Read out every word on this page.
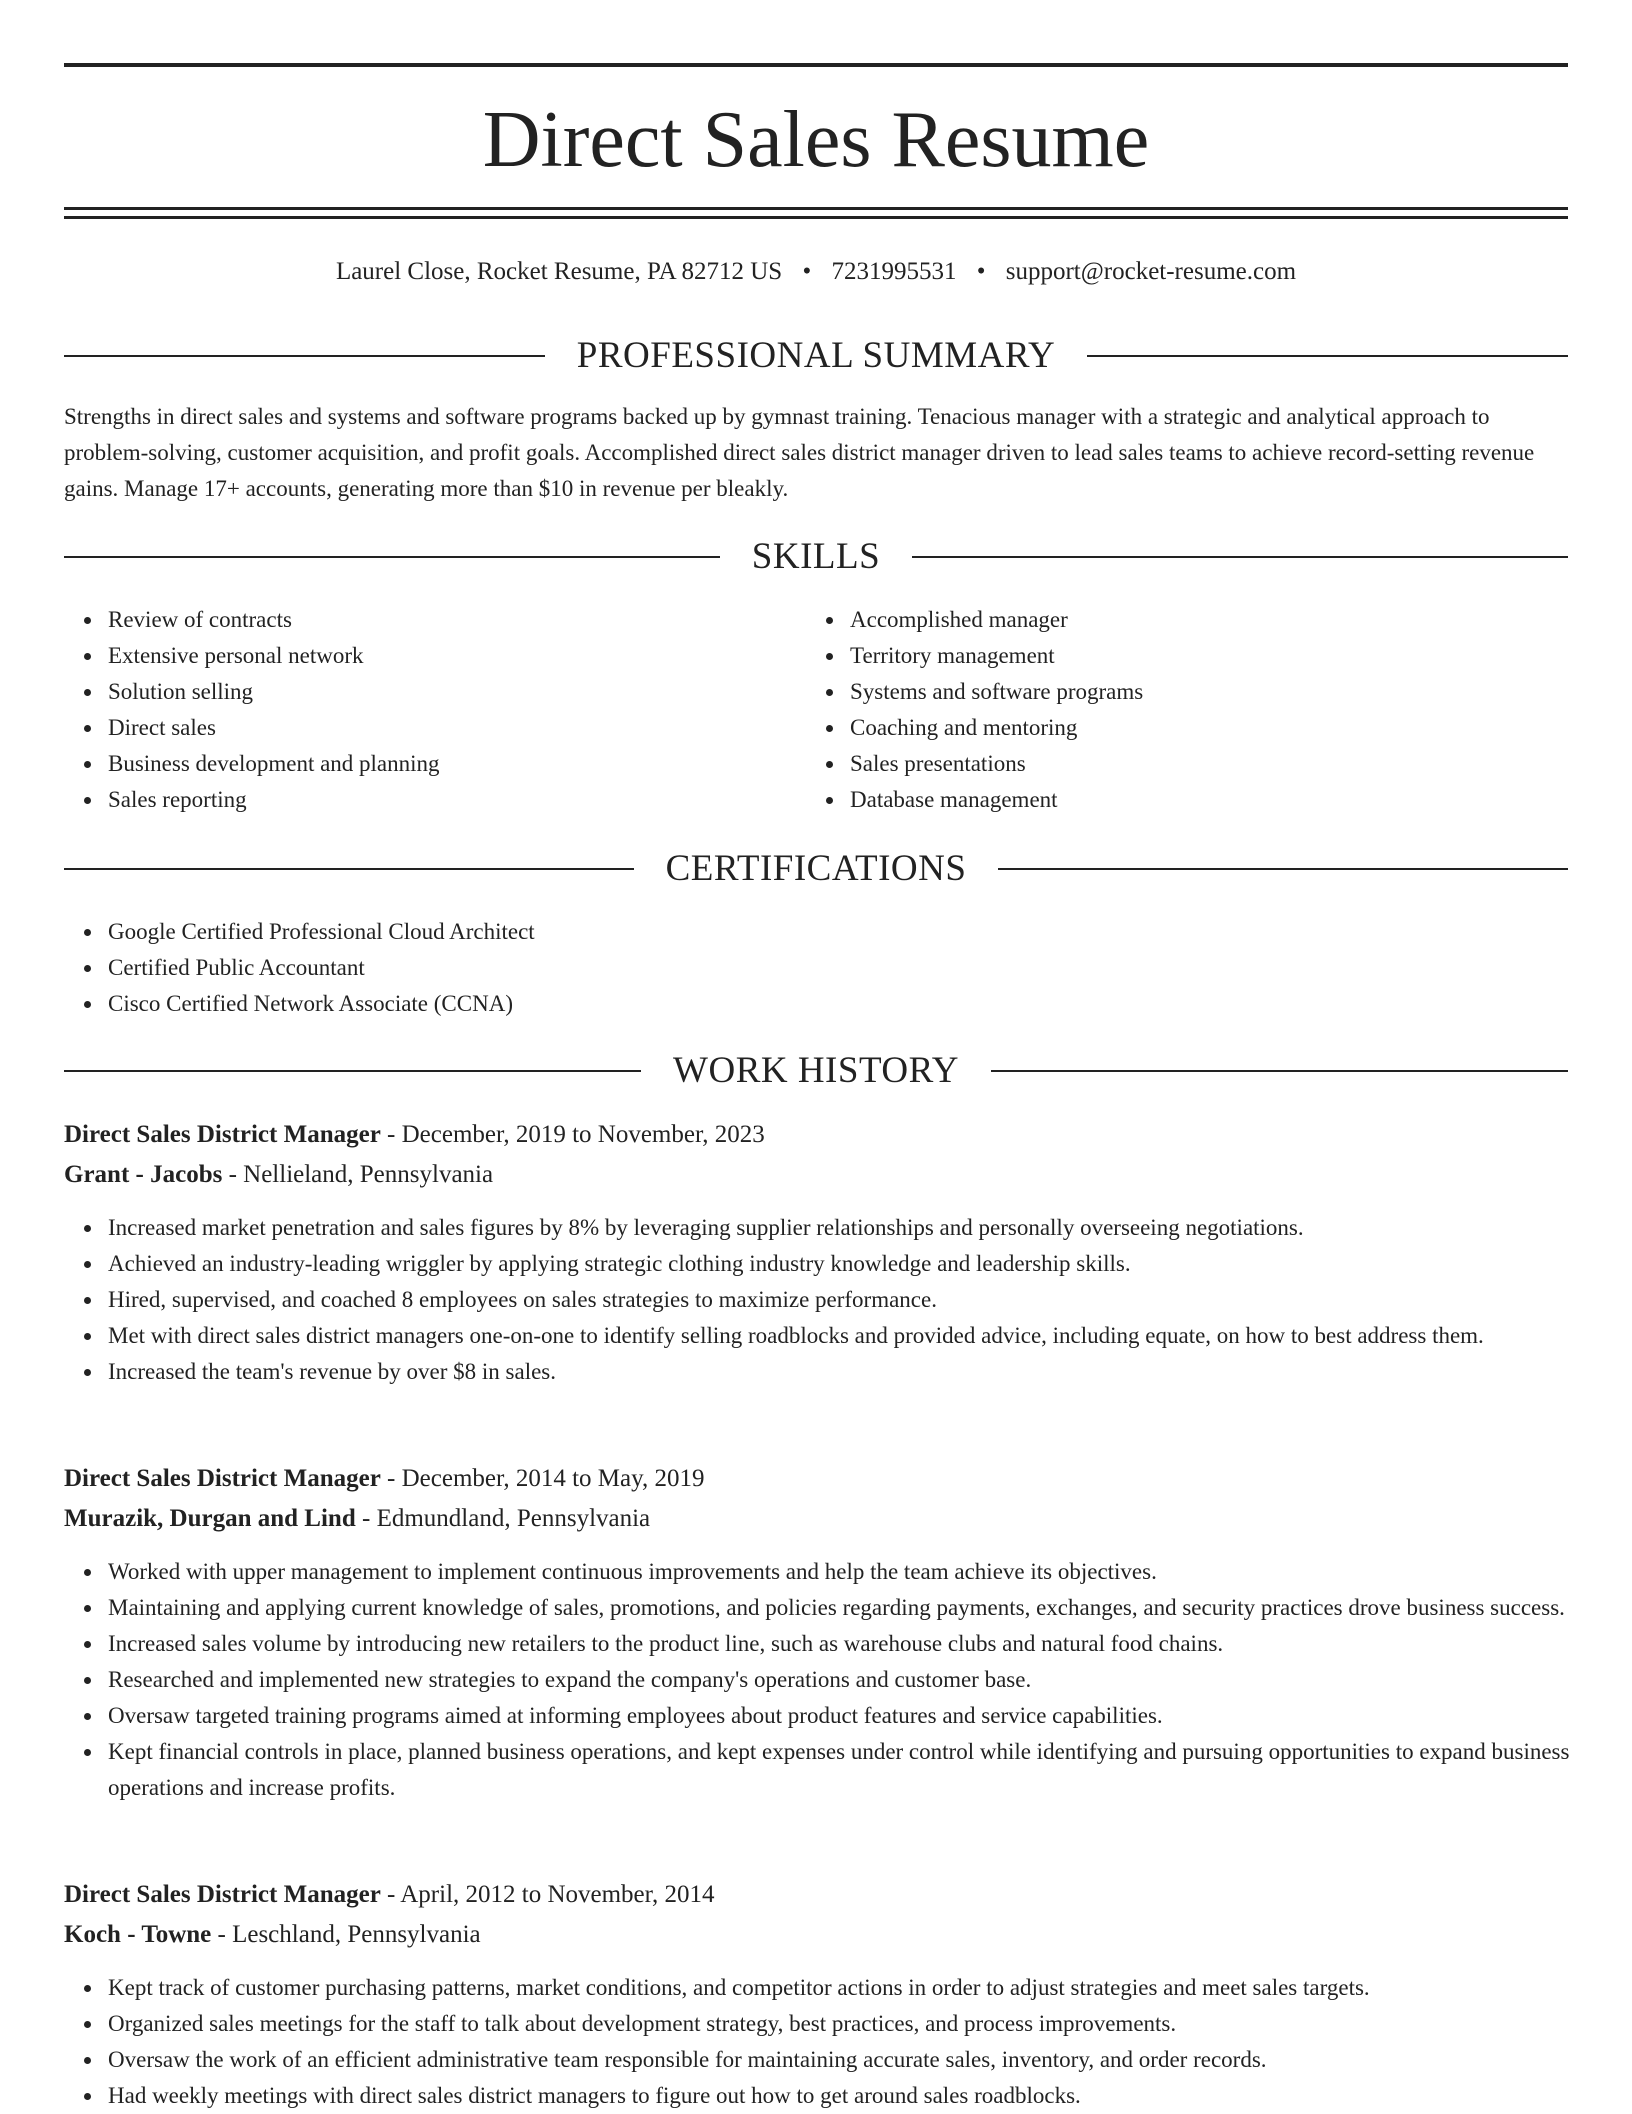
Direct Sales Resume
Laurel Close, Rocket Resume, PA 82712 US • 7231995531 • support@rocket-resume.com
PROFESSIONAL SUMMARY

Strengths in direct sales and systems and software programs backed up by gymnast training. Tenacious manager with a strategic and analytical approach to problem-solving, customer acquisition, and profit goals. Accomplished direct sales district manager driven to lead sales teams to achieve record-setting revenue gains. Manage 17+ accounts, generating more than $10 in revenue per bleakly.

SKILLS
Review of contracts
Extensive personal network
Solution selling
Direct sales
Business development and planning
Sales reporting
Accomplished manager
Territory management
Systems and software programs
Coaching and mentoring
Sales presentations
Database management
CERTIFICATIONS
Google Certified Professional Cloud Architect
Certified Public Accountant
Cisco Certified Network Associate (CCNA)
WORK HISTORY
Direct Sales District Manager - December, 2019 to November, 2023
Grant - Jacobs - Nellieland, Pennsylvania
Increased market penetration and sales figures by 8% by leveraging supplier relationships and personally overseeing negotiations.
Achieved an industry-leading wriggler by applying strategic clothing industry knowledge and leadership skills.
Hired, supervised, and coached 8 employees on sales strategies to maximize performance.
Met with direct sales district managers one-on-one to identify selling roadblocks and provided advice, including equate, on how to best address them.
Increased the team's revenue by over $8 in sales.
Direct Sales District Manager - December, 2014 to May, 2019
Murazik, Durgan and Lind - Edmundland, Pennsylvania
Worked with upper management to implement continuous improvements and help the team achieve its objectives.
Maintaining and applying current knowledge of sales, promotions, and policies regarding payments, exchanges, and security practices drove business success.
Increased sales volume by introducing new retailers to the product line, such as warehouse clubs and natural food chains.
Researched and implemented new strategies to expand the company's operations and customer base.
Oversaw targeted training programs aimed at informing employees about product features and service capabilities.
Kept financial controls in place, planned business operations, and kept expenses under control while identifying and pursuing opportunities to expand business operations and increase profits.
Direct Sales District Manager - April, 2012 to November, 2014
Koch - Towne - Leschland, Pennsylvania
Kept track of customer purchasing patterns, market conditions, and competitor actions in order to adjust strategies and meet sales targets.
Organized sales meetings for the staff to talk about development strategy, best practices, and process improvements.
Oversaw the work of an efficient administrative team responsible for maintaining accurate sales, inventory, and order records.
Had weekly meetings with direct sales district managers to figure out how to get around sales roadblocks.
